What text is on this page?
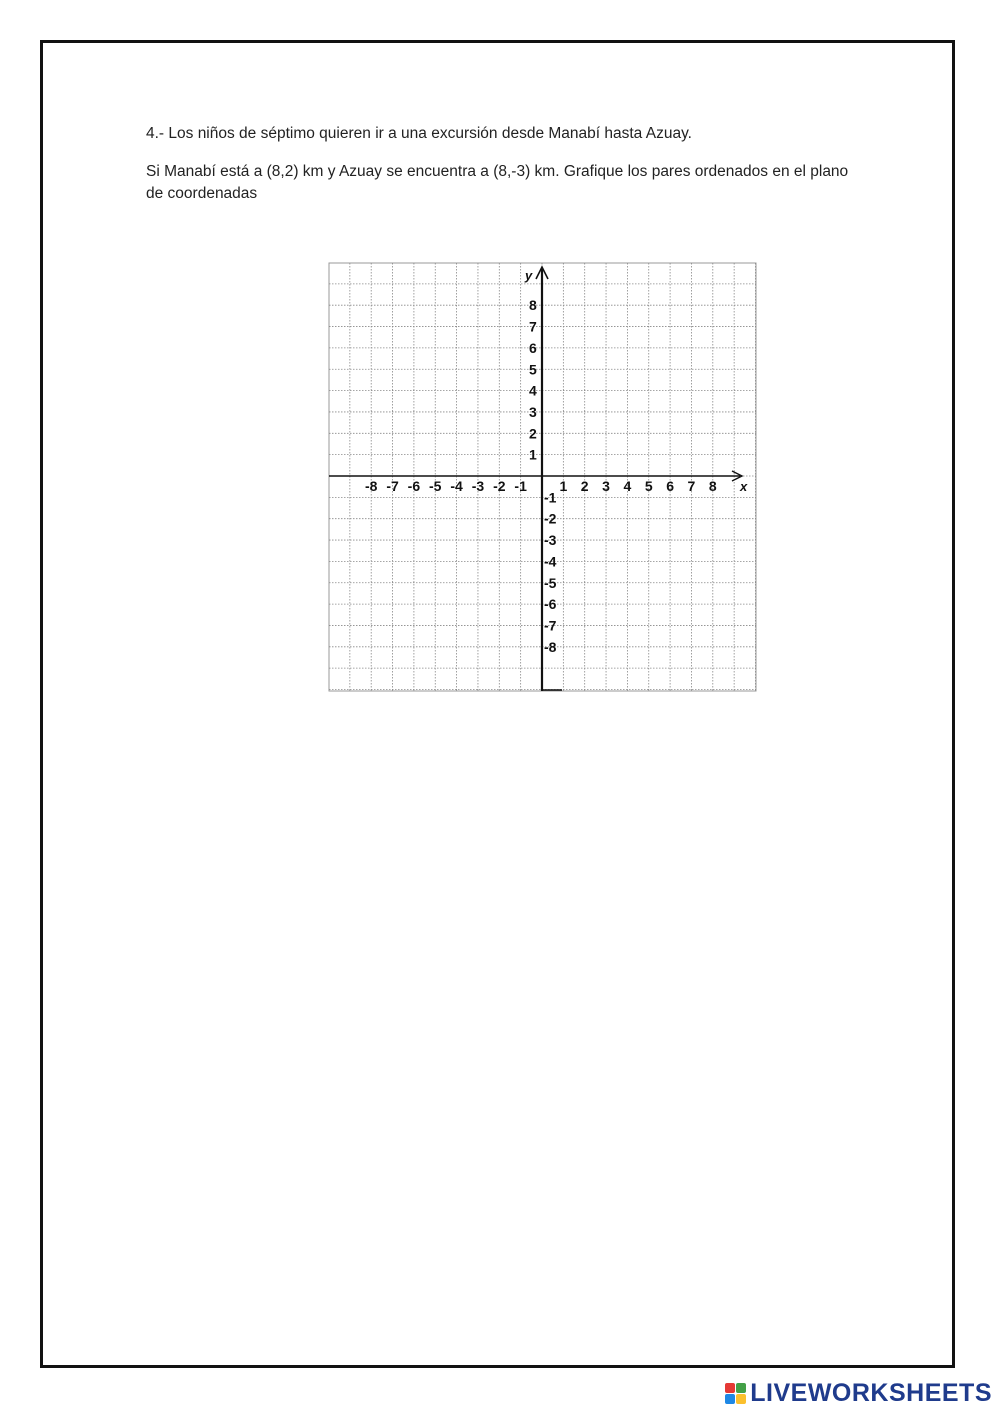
4.- Los niños de séptimo quieren ir a una excursión desde Manabí hasta Azuay.
Si Manabí está a (8,2) km y Azuay se encuentra a (8,-3) km. Grafique los pares ordenados en el plano de coordenadas
x
y
-8 -7 -6 -5 -4 -3 -2 -1 1 2 3 4 5 6 7 8
8
7
6
5
4
3
2
1
-1
-2
-3
-4
-5
-6
-7
-8
LIVEWORKSHEETS
